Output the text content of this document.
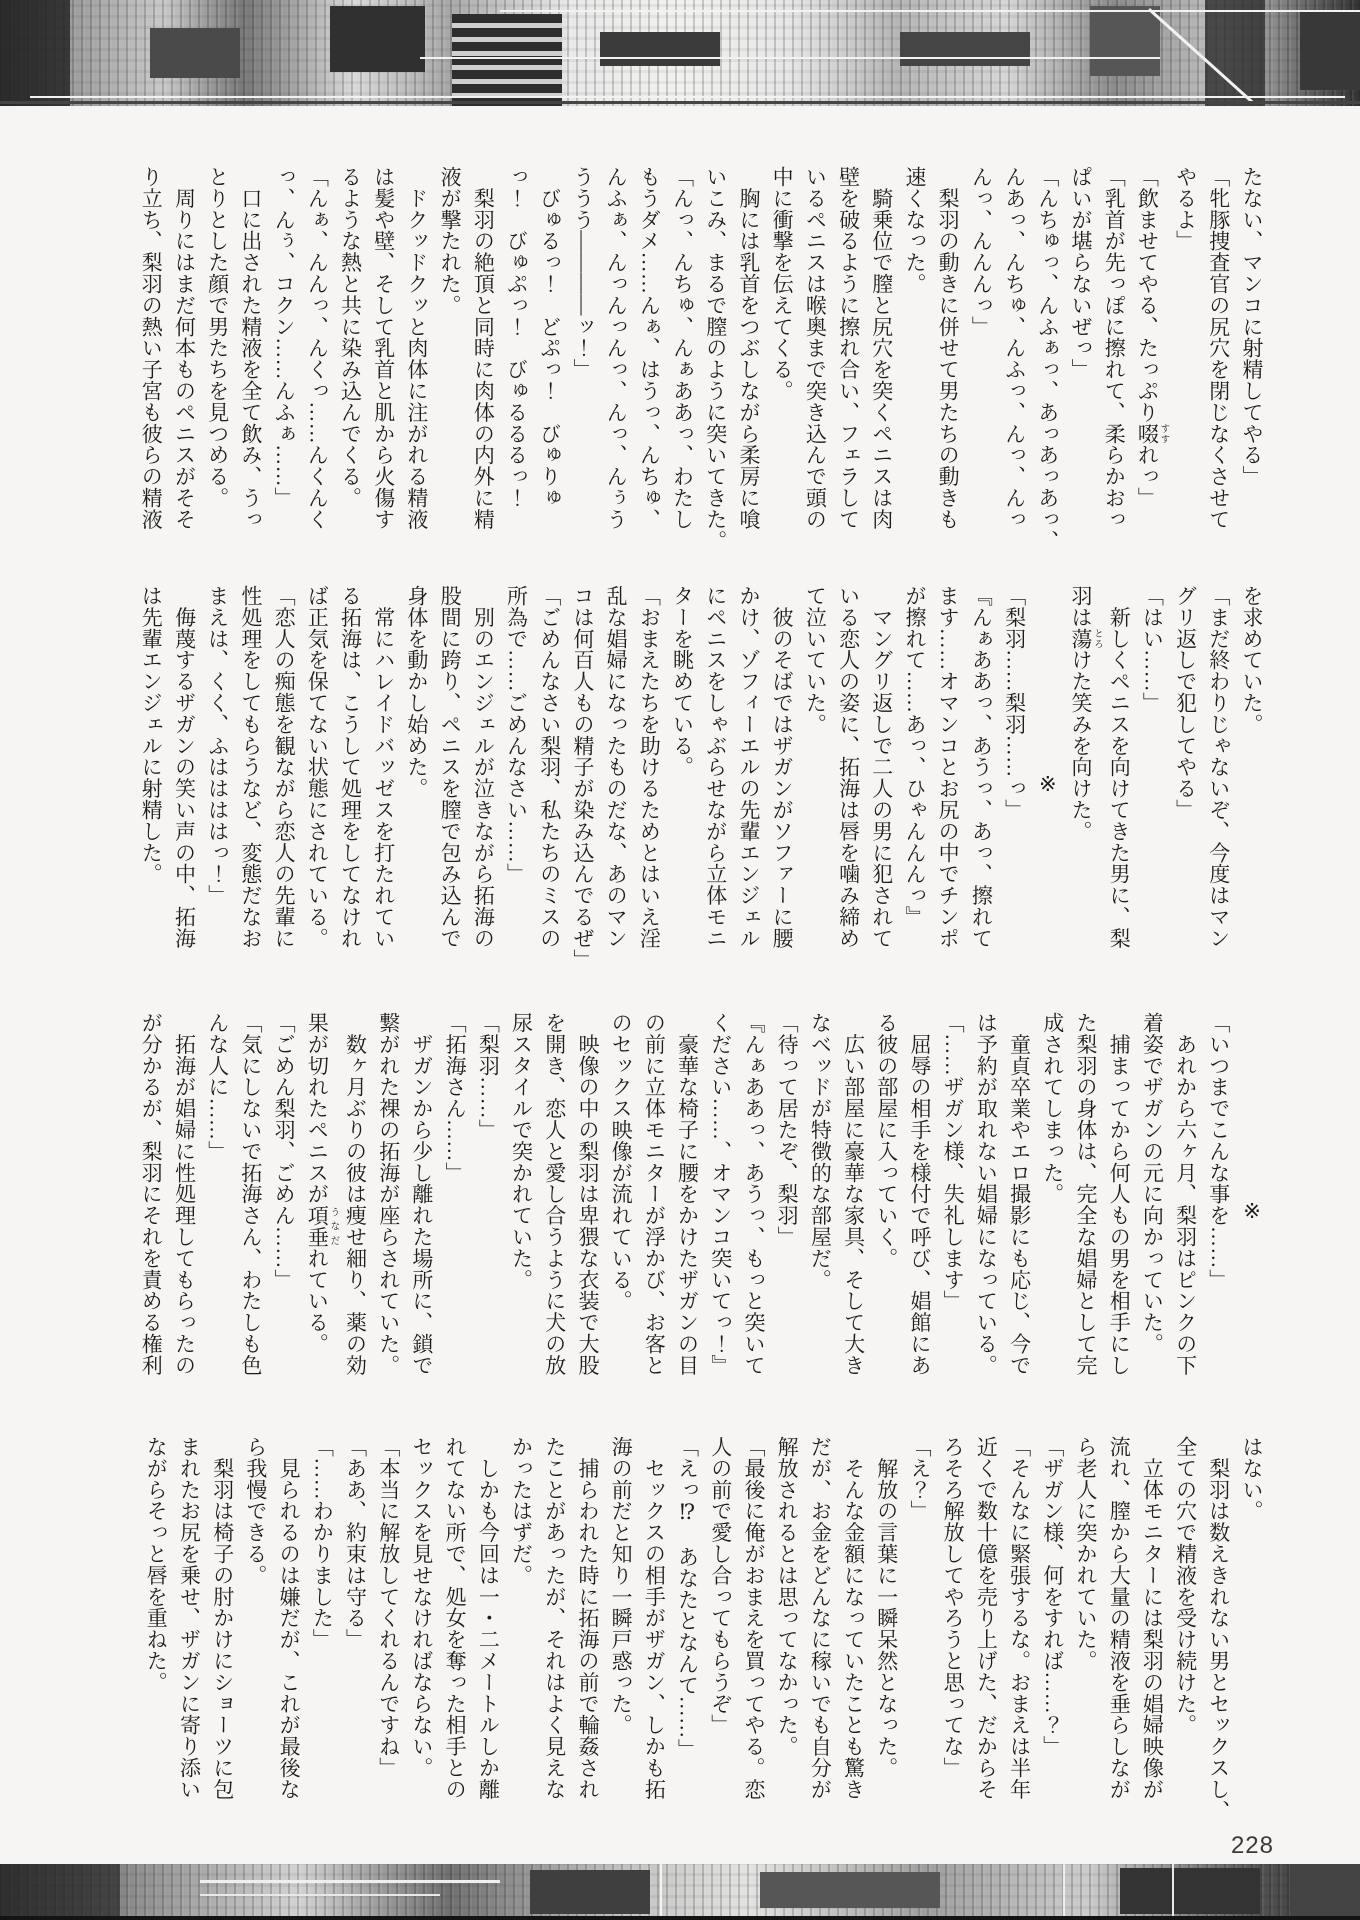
たない、マンコに射精してやる」
「牝豚捜査官の尻穴を閉じなくさせて
やるよ」
「飲ませてやる、たっぷり啜 すすれっ」
「乳首が先っぽに擦れて、柔らかおっ
ぱいが堪らないぜっ」
「んちゅっ、んふぁっ、あっあっあっ、
んあっ、んちゅ、んふっ、んっ、んっ
んっ、んんんっ」
　梨羽の動きに併せて男たちの動きも
速くなった。
　騎乗位で膣と尻穴を突くペニスは肉
壁を破るように擦れ合い、フェラして
いるペニスは喉奥まで突き込んで頭の
中に衝撃を伝えてくる。
　胸には乳首をつぶしながら柔房に喰
いこみ、まるで膣のように突いてきた。
「んっ、んちゅ、んぁああっ、わたし
もうダメ……んぁ、はうっ、んちゅ、
んふぁ、んっんっんっ、んっ、んぅう
ううう――――ッ！」
　びゅるっ！　どぷっ！　びゅりゅ
っ！　びゅぷっ！　びゅるるるっ！
　梨羽の絶頂と同時に肉体の内外に精
液が撃たれた。
　ドクッドクッと肉体に注がれる精液
は髪や壁、そして乳首と肌から火傷す
るような熱と共に染み込んでくる。
「んぁ、んんっ、んくっ……んくんく
っ、んぅ、コクン……んふぁ……」
　口に出された精液を全て飲み、うっ
とりとした顔で男たちを見つめる。
　周りにはまだ何本ものペニスがそそ
り立ち、梨羽の熱い子宮も彼らの精液
を求めていた。
「まだ終わりじゃないぞ、今度はマン
グリ返しで犯してやる」
「はい……」
　新しくペニスを向けてきた男に、梨
羽は蕩 とろけた笑みを向けた。
※
「梨羽……梨羽……っ」
『んぁああっ、あうっ、あっ、擦れて
ます……オマンコとお尻の中でチンポ
が擦れて……あっ、ひゃんんんっ』
　マングリ返しで二人の男に犯されて
いる恋人の姿に、拓海は唇を噛み締め
て泣いていた。
　彼のそばではザガンがソファーに腰
かけ、ゾフィーエルの先輩エンジェル
にペニスをしゃぶらせながら立体モニ
ターを眺めている。
「おまえたちを助けるためとはいえ淫
乱な娼婦になったものだな、あのマン
コは何百人もの精子が染み込んでるぜ」
「ごめんなさい梨羽、私たちのミスの
所為で……ごめんなさい……」
　別のエンジェルが泣きながら拓海の
股間に跨り、ペニスを膣で包み込んで
身体を動かし始めた。
　常にハレイドバッゼスを打たれてい
る拓海は、こうして処理をしてなけれ
ば正気を保てない状態にされている。
「恋人の痴態を観ながら恋人の先輩に
性処理をしてもらうなど、変態だなお
まえは、くく、ふははははっ！」
　侮蔑するザガンの笑い声の中、拓海
は先輩エンジェルに射精した。
※
「いつまでこんな事を……」
　あれから六ヶ月、梨羽はピンクの下
着姿でザガンの元に向かっていた。
　捕まってから何人もの男を相手にし
た梨羽の身体は、完全な娼婦として完
成されてしまった。
　童貞卒業やエロ撮影にも応じ、今で
は予約が取れない娼婦になっている。
「……ザガン様、失礼します」
　屈辱の相手を様付で呼び、娼館にあ
る彼の部屋に入っていく。
　広い部屋に豪華な家具、そして大き
なベッドが特徴的な部屋だ。
「待って居たぞ、梨羽」
『んぁああっ、あうっ、もっと突いて
ください……、オマンコ突いてっ！』
　豪華な椅子に腰をかけたザガンの目
の前に立体モニターが浮かび、お客と
のセックス映像が流れている。
　映像の中の梨羽は卑猥な衣装で大股
を開き、恋人と愛し合うように犬の放
尿スタイルで突かれていた。
「梨羽……」
「拓海さん……」
　ザガンから少し離れた場所に、鎖で
繋がれた裸の拓海が座らされていた。
　数ヶ月ぶりの彼は痩せ細り、薬の効
果が切れたペニスが項垂 うなだれている。
「ごめん梨羽、ごめん……」
「気にしないで拓海さん、わたしも色
んな人に……」
　拓海が娼婦に性処理してもらったの
が分かるが、梨羽にそれを責める権利
はない。
　梨羽は数えきれない男とセックスし、
全ての穴で精液を受け続けた。
　立体モニターには梨羽の娼婦映像が
流れ、膣から大量の精液を垂らしなが
ら老人に突かれていた。
「ザガン様、何をすれば……？」
「そんなに緊張するな。おまえは半年
近くで数十億を売り上げた、だからそ
ろそろ解放してやろうと思ってな」
「え？」
　解放の言葉に一瞬呆然となった。
　そんな金額になっていたことも驚き
だが、お金をどんなに稼いでも自分が
解放されるとは思ってなかった。
「最後に俺がおまえを買ってやる。恋
人の前で愛し合ってもらうぞ」
「えっ⁉　あなたとなんて……」
　セックスの相手がザガン、しかも拓
海の前だと知り一瞬戸惑った。
　捕らわれた時に拓海の前で輪姦され
たことがあったが、それはよく見えな
かったはずだ。
　しかも今回は一・二メートルしか離
れてない所で、処女を奪った相手との
セックスを見せなければならない。
「本当に解放してくれるんですね」
「ああ、約束は守る」
「……わかりました」
　見られるのは嫌だが、これが最後な
ら我慢できる。
　梨羽は椅子の肘かけにショーツに包
まれたお尻を乗せ、ザガンに寄り添い
ながらそっと唇を重ねた。
228
